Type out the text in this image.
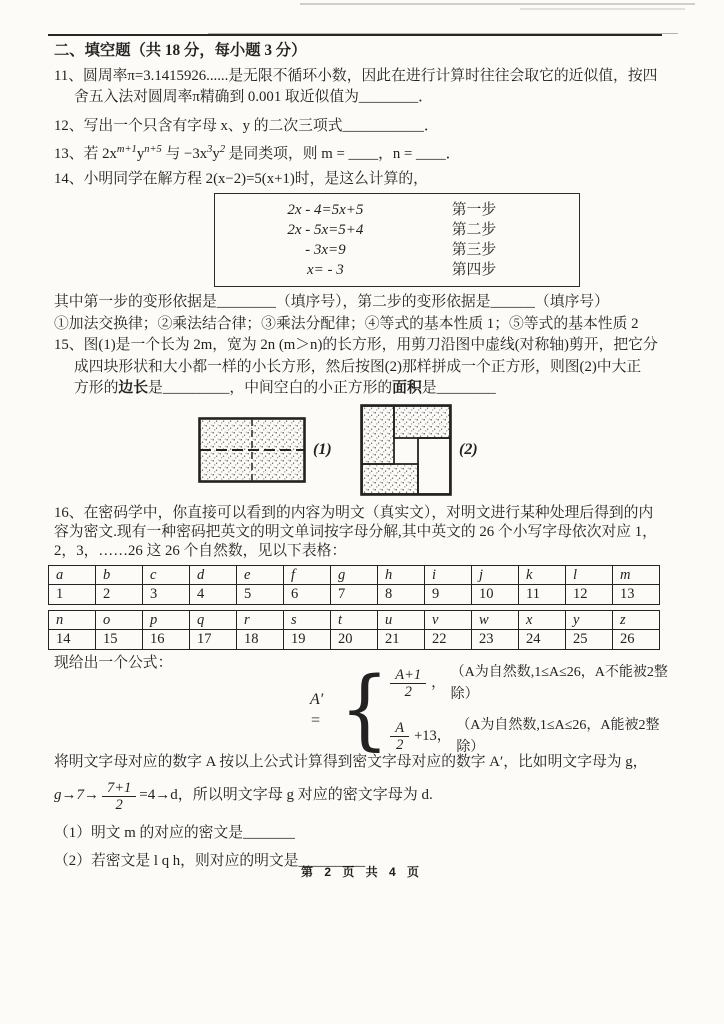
二、填空题（共 18 分，每小题 3 分）

11、圆周率π=3.1415926......是无限不循环小数，因此在进行计算时往往会取它的近似值，按四

舍五入法对圆周率π精确到 0.001 取近似值为________．

12、写出一个只含有字母 x、y 的二次三项式___________．

13、若 $2x^{m+1}y^{n+5}$ 与 $-3x^3y^2$ 是同类项，则 m = ____，n = ____．

14、小明同学在解方程 2(x−2)=5(x+1)时，是这么计算的，

2x - 4=5x+5	第一步
2x - 5x=5+4	第二步
- 3x=9	第三步
x= - 3	第四步

其中第一步的变形依据是________（填序号），第二步的变形依据是______（填序号）

①加法交换律；②乘法结合律；③乘法分配律；④等式的基本性质 1；⑤等式的基本性质 2

15、图(1)是一个长为 2m，宽为 2n (m＞n)的长方形，用剪刀沿图中虚线(对称轴)剪开，把它分

成四块形状和大小都一样的小长方形，然后按图(2)那样拼成一个正方形，则图(2)中大正

方形的边长是_________，中间空白的小正方形的面积是________

(1)	(2)

16、在密码学中，你直接可以看到的内容为明文（真实文），对明文进行某种处理后得到的内

容为密文.现有一种密码把英文的明文单词按字母分解,其中英文的 26 个小写字母依次对应 1，

2，3，……26 这 26 个自然数，见以下表格：

a	b	c	d	e	f	g	h	i	j	k	l	m
1	2	3	4	5	6	7	8	9	10	11	12	13
n	o	p	q	r	s	t	u	v	w	x	y	z
14	15	16	17	18	19	20	21	22	23	24	25	26

现给出一个公式：

A′ = { $\frac{A+1}{2}$ ，
（A为自然数,1≤A≤26，A不能被2整除）
$\frac{A}{2} +13$，
（A为自然数,1≤A≤26，A能被2整除）

将明文字母对应的数字 A 按以上公式计算得到密文字母对应的数字 A′，比如明文字母为 g，

$g\to 7\to \frac{7+1}{2} =4\to d$，所以明文字母 g 对应的密文字母为 d.

（1）明文 m 的对应的密文是_______

（2）若密文是 l q h，则对应的明文是_________

第 2 页 共 4 页
